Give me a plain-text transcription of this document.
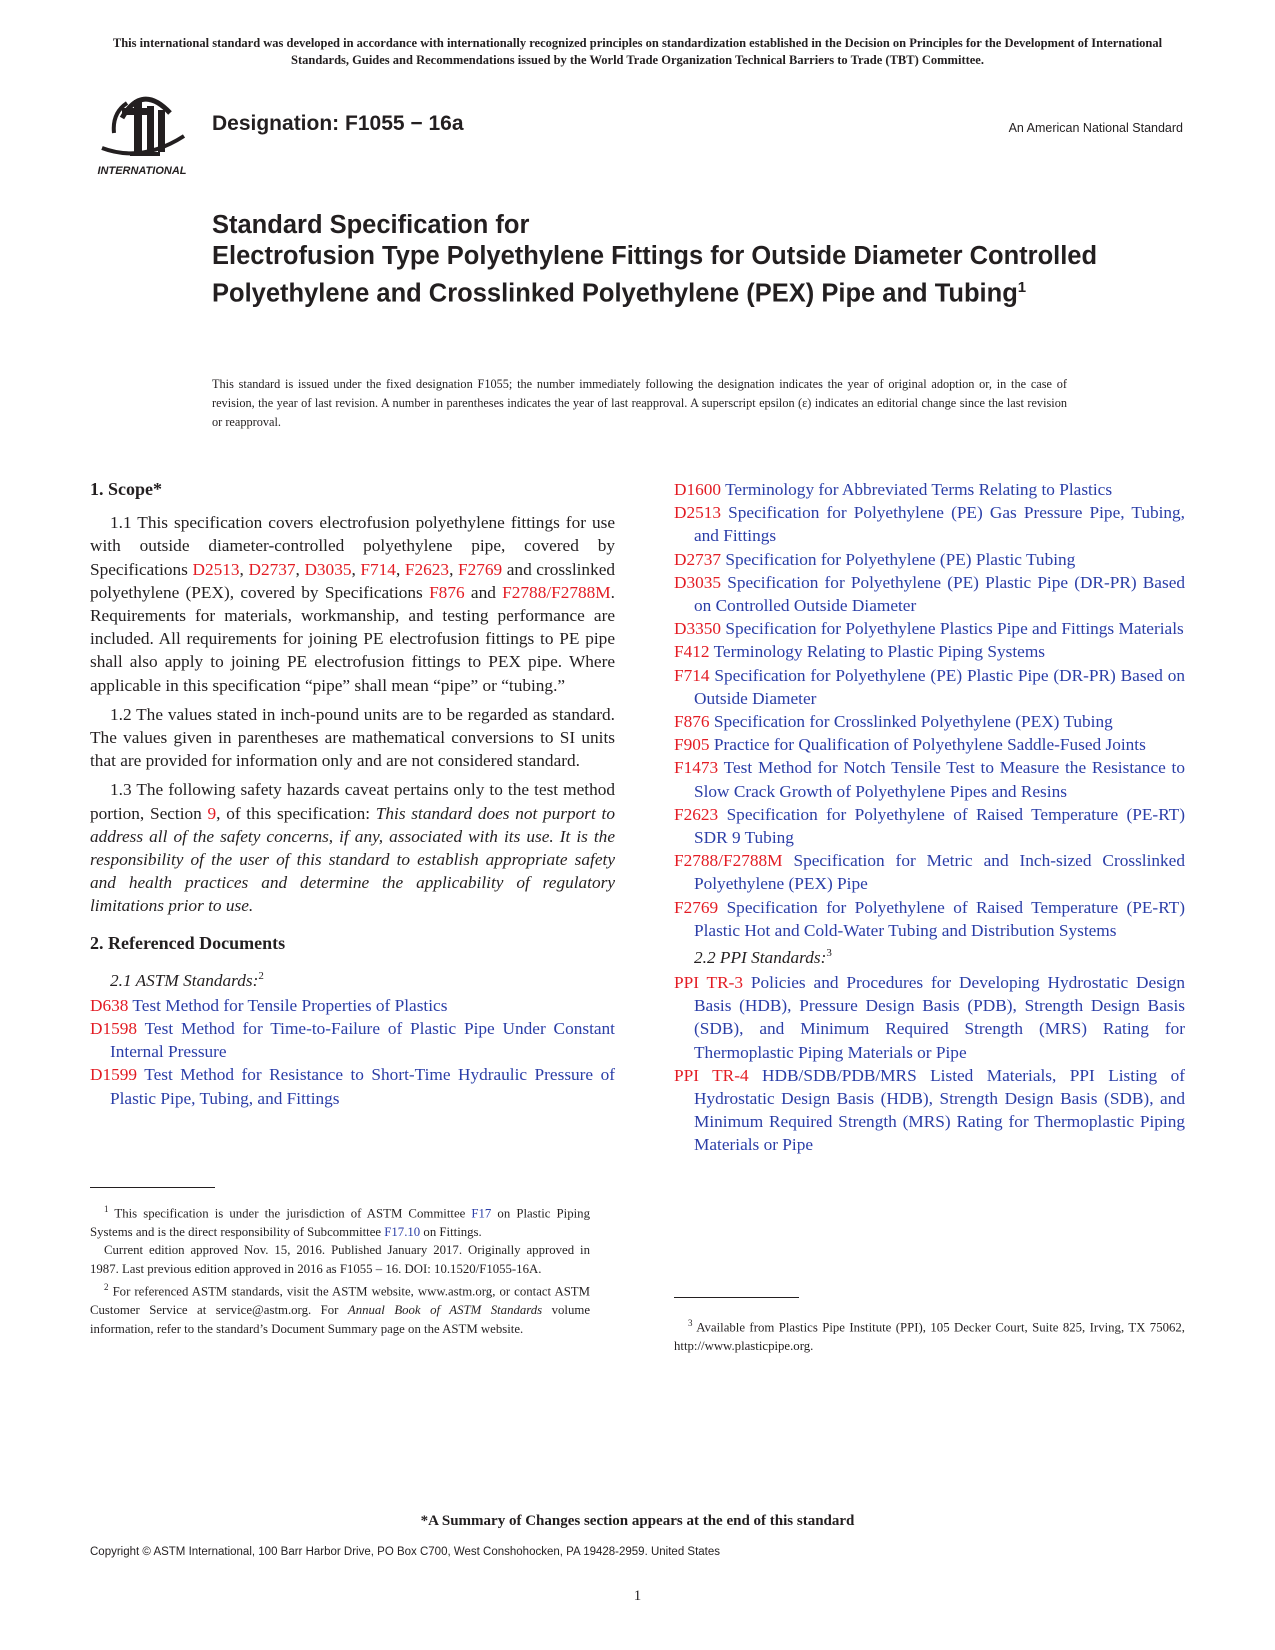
This international standard was developed in accordance with internationally recognized principles on standardization established in the Decision on Principles for the Development of International Standards, Guides and Recommendations issued by the World Trade Organization Technical Barriers to Trade (TBT) Committee.
INTERNATIONAL
Designation: F1055 − 16a	An American National Standard
Standard Specification for
Electrofusion Type Polyethylene Fittings for Outside Diameter Controlled Polyethylene and Crosslinked Polyethylene (PEX) Pipe and Tubing$^1$
This standard is issued under the fixed designation F1055; the number immediately following the designation indicates the year of original adoption or, in the case of revision, the year of last revision. A number in parentheses indicates the year of last reapproval. A superscript epsilon (ε) indicates an editorial change since the last revision or reapproval.
1. Scope*

1.1 This specification covers electrofusion polyethylene fittings for use with outside diameter-controlled polyethylene pipe, covered by Specifications D2513, D2737, D3035, F714, F2623, F2769 and crosslinked polyethylene (PEX), covered by Specifications F876 and F2788/F2788M. Requirements for materials, workmanship, and testing performance are included. All requirements for joining PE electrofusion fittings to PE pipe shall also apply to joining PE electrofusion fittings to PEX pipe. Where applicable in this specification “pipe” shall mean “pipe” or “tubing.”

1.2 The values stated in inch-pound units are to be regarded as standard. The values given in parentheses are mathematical conversions to SI units that are provided for information only and are not considered standard.

1.3 The following safety hazards caveat pertains only to the test method portion, Section 9, of this specification: This standard does not purport to address all of the safety concerns, if any, associated with its use. It is the responsibility of the user of this standard to establish appropriate safety and health practices and determine the applicability of regulatory limitations prior to use.

2. Referenced Documents
2.1 ASTM Standards:$^2$

D638 Test Method for Tensile Properties of Plastics

D1598 Test Method for Time-to-Failure of Plastic Pipe Under Constant Internal Pressure

D1599 Test Method for Resistance to Short-Time Hydraulic Pressure of Plastic Pipe, Tubing, and Fittings

$^1$ This specification is under the jurisdiction of ASTM Committee F17 on Plastic Piping Systems and is the direct responsibility of Subcommittee F17.10 on Fittings.

Current edition approved Nov. 15, 2016. Published January 2017. Originally approved in 1987. Last previous edition approved in 2016 as F1055 – 16. DOI: 10.1520/F1055-16A.

$^2$ For referenced ASTM standards, visit the ASTM website, www.astm.org, or contact ASTM Customer Service at service@astm.org. For Annual Book of ASTM Standards volume information, refer to the standard’s Document Summary page on the ASTM website.

D1600 Terminology for Abbreviated Terms Relating to Plastics

D2513 Specification for Polyethylene (PE) Gas Pressure Pipe, Tubing, and Fittings

D2737 Specification for Polyethylene (PE) Plastic Tubing

D3035 Specification for Polyethylene (PE) Plastic Pipe (DR-PR) Based on Controlled Outside Diameter

D3350 Specification for Polyethylene Plastics Pipe and Fittings Materials

F412 Terminology Relating to Plastic Piping Systems

F714 Specification for Polyethylene (PE) Plastic Pipe (DR-PR) Based on Outside Diameter

F876 Specification for Crosslinked Polyethylene (PEX) Tubing

F905 Practice for Qualification of Polyethylene Saddle-Fused Joints

F1473 Test Method for Notch Tensile Test to Measure the Resistance to Slow Crack Growth of Polyethylene Pipes and Resins

F2623 Specification for Polyethylene of Raised Temperature (PE-RT) SDR 9 Tubing

F2788/F2788M Specification for Metric and Inch-sized Crosslinked Polyethylene (PEX) Pipe

F2769 Specification for Polyethylene of Raised Temperature (PE-RT) Plastic Hot and Cold-Water Tubing and Distribution Systems

2.2 PPI Standards:$^3$

PPI TR-3 Policies and Procedures for Developing Hydrostatic Design Basis (HDB), Pressure Design Basis (PDB), Strength Design Basis (SDB), and Minimum Required Strength (MRS) Rating for Thermoplastic Piping Materials or Pipe

PPI TR-4 HDB/SDB/PDB/MRS Listed Materials, PPI Listing of Hydrostatic Design Basis (HDB), Strength Design Basis (SDB), and Minimum Required Strength (MRS) Rating for Thermoplastic Piping Materials or Pipe

$^3$ Available from Plastics Pipe Institute (PPI), 105 Decker Court, Suite 825, Irving, TX 75062, http://www.plasticpipe.org.

*A Summary of Changes section appears at the end of this standard
Copyright © ASTM International, 100 Barr Harbor Drive, PO Box C700, West Conshohocken, PA 19428-2959. United States
1
